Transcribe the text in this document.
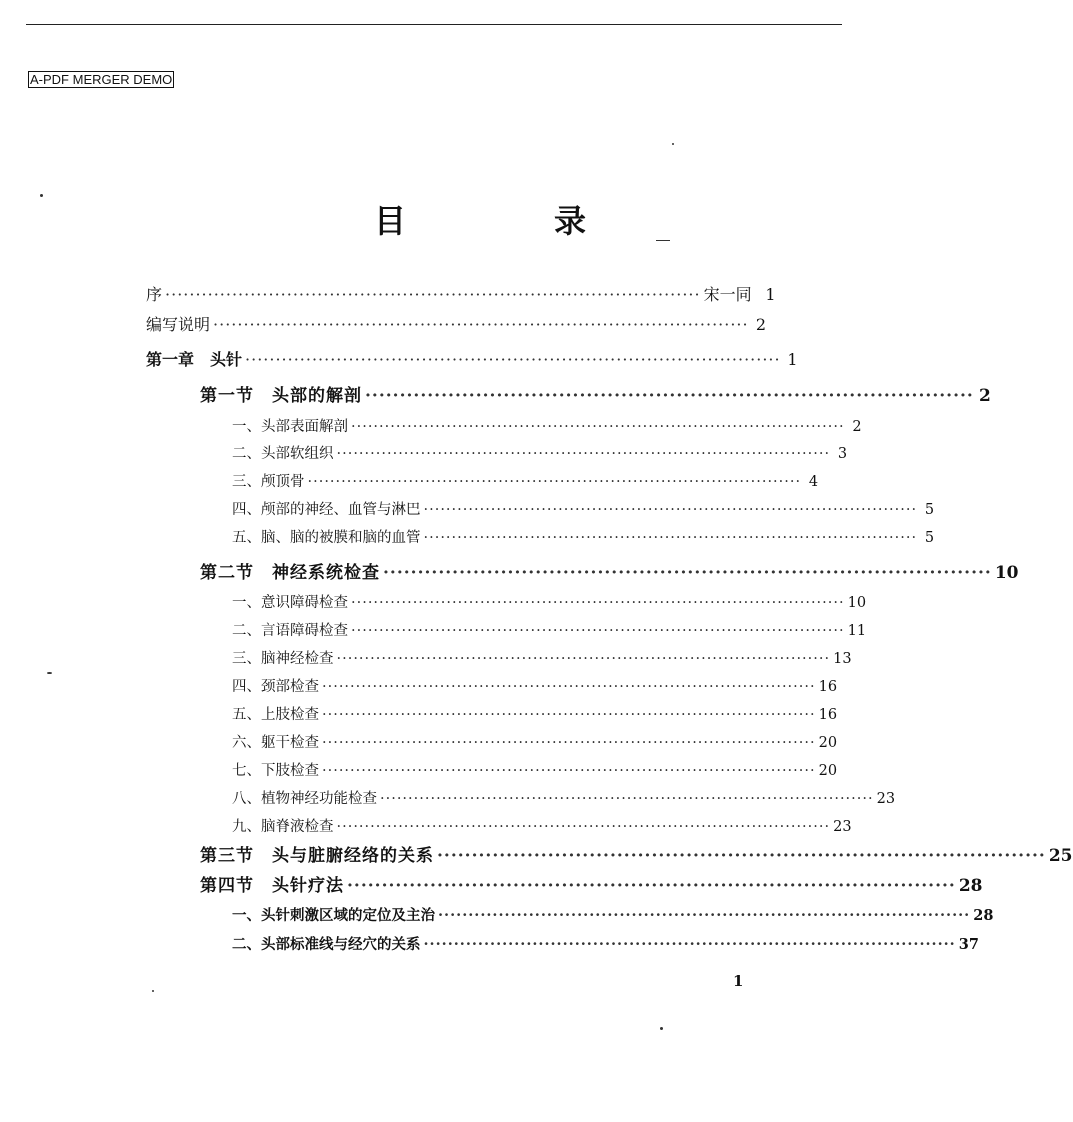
A-PDF MERGER DEMO
目　录
序 ························································································ 宋一同 1
编写说明 ························································································ 2
第一章　头针 ························································································ 1
第一节　头部的解剖 ························································································ 2
一、头部表面解剖 ························································································ 2
二、头部软组织 ························································································ 3
三、颅顶骨 ························································································ 4
四、颅部的神经、血管与淋巴 ························································································ 5
五、脑、脑的被膜和脑的血管 ························································································ 5
第二节　神经系统检查 ························································································ 10
一、意识障碍检查 ························································································ 10
二、言语障碍检查 ························································································ 11
三、脑神经检查 ························································································ 13
四、颈部检查 ························································································ 16
五、上肢检查 ························································································ 16
六、躯干检查 ························································································ 20
七、下肢检查 ························································································ 20
八、植物神经功能检查 ························································································ 23
九、脑脊液检查 ························································································ 23
第三节　头与脏腑经络的关系 ························································································ 25
第四节　头针疗法 ························································································ 28
一、头针刺激区域的定位及主治 ························································································ 28
二、头部标准线与经穴的关系 ························································································ 37
1
